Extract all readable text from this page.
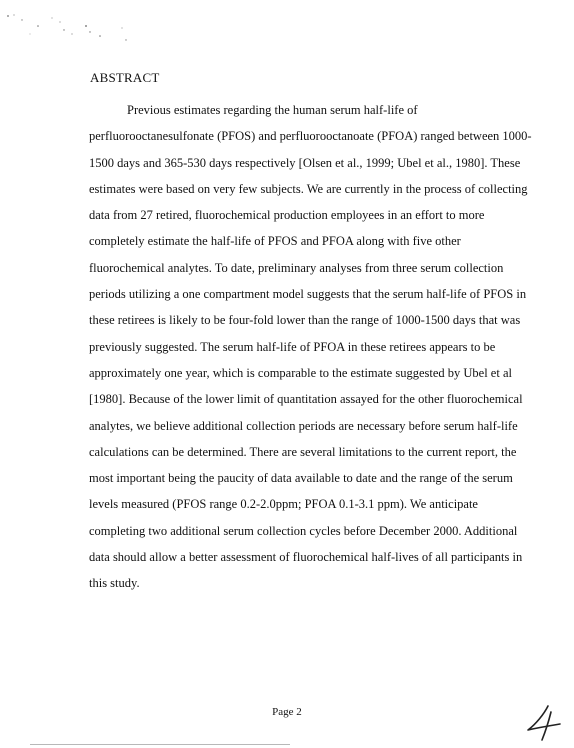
ABSTRACT

Previous estimates regarding the human serum half-life of
perfluorooctanesulfonate (PFOS) and perfluorooctanoate (PFOA) ranged between 1000-
1500 days and 365-530 days respectively [Olsen et al., 1999; Ubel et al., 1980]. These
estimates were based on very few subjects. We are currently in the process of collecting
data from 27 retired, fluorochemical production employees in an effort to more
completely estimate the half-life of PFOS and PFOA along with five other
fluorochemical analytes. To date, preliminary analyses from three serum collection
periods utilizing a one compartment model suggests that the serum half-life of PFOS in
these retirees is likely to be four-fold lower than the range of 1000-1500 days that was
previously suggested. The serum half-life of PFOA in these retirees appears to be
approximately one year, which is comparable to the estimate suggested by Ubel et al
[1980]. Because of the lower limit of quantitation assayed for the other fluorochemical
analytes, we believe additional collection periods are necessary before serum half-life
calculations can be determined. There are several limitations to the current report, the
most important being the paucity of data available to date and the range of the serum
levels measured (PFOS range 0.2-2.0ppm; PFOA 0.1-3.1 ppm). We anticipate
completing two additional serum collection cycles before December 2000. Additional
data should allow a better assessment of fluorochemical half-lives of all participants in
this study.

Page 2
